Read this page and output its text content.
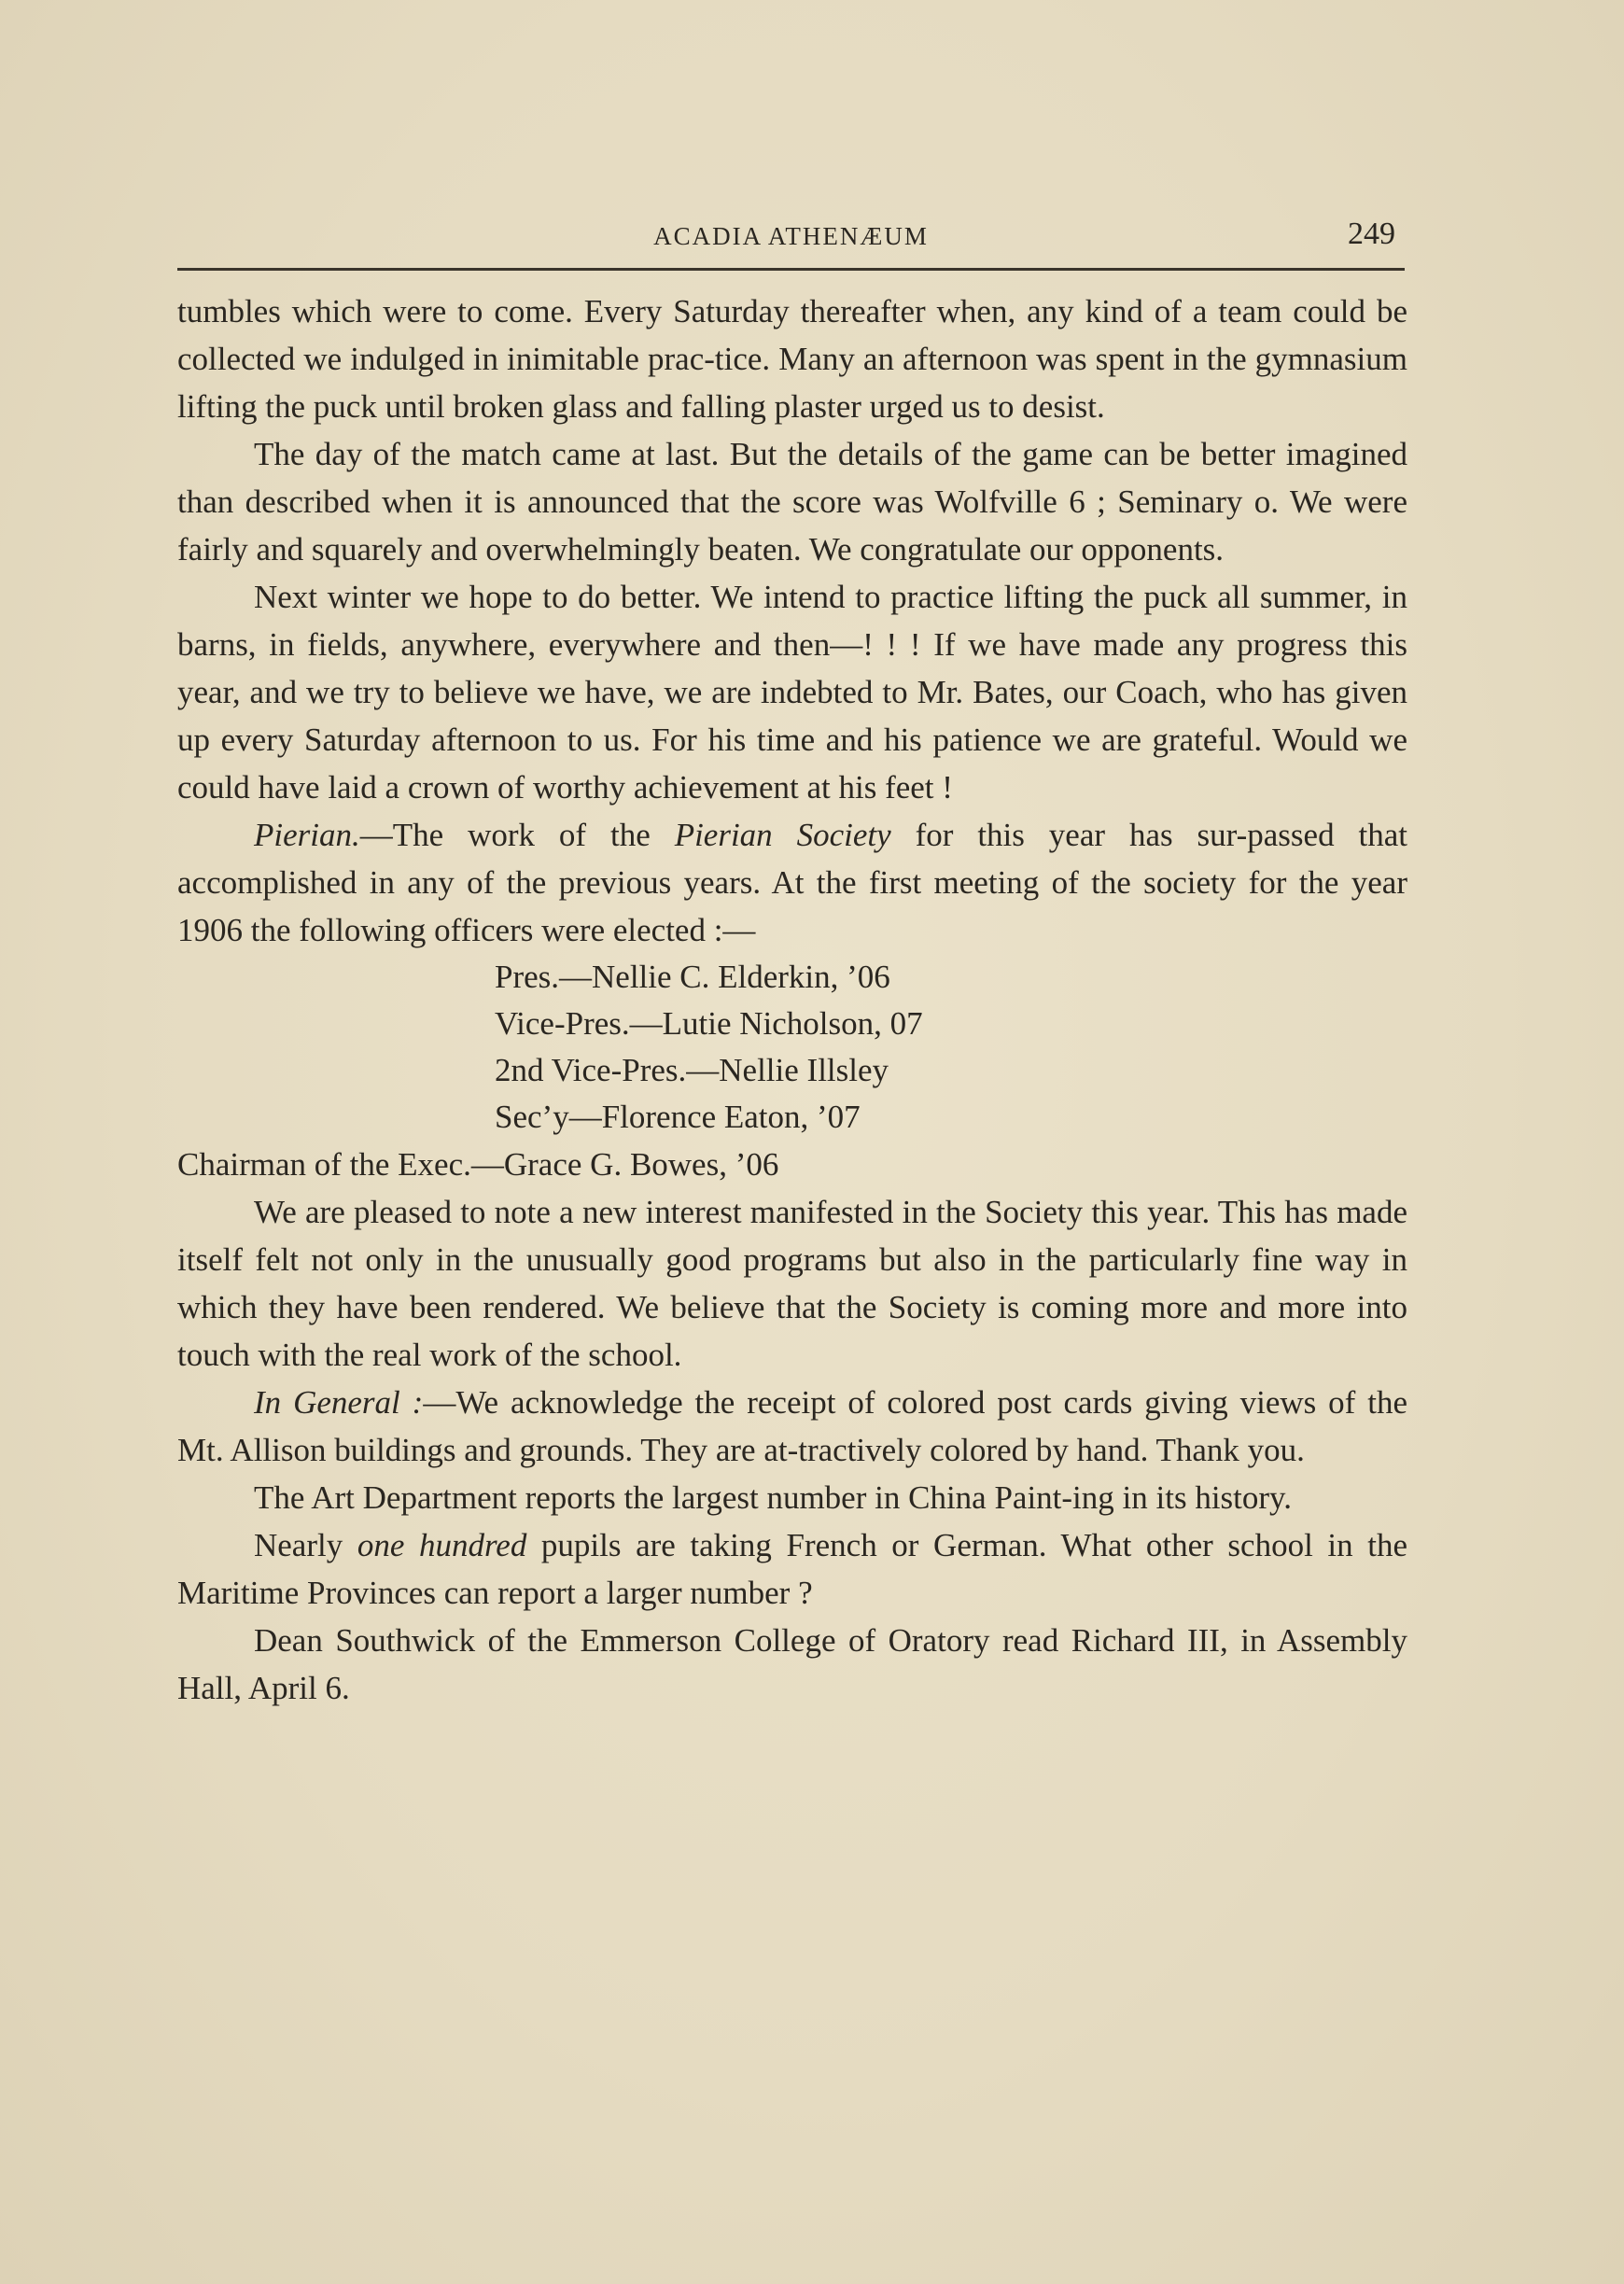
ACADIA ATHENÆUM	249

tumbles which were to come. Every Saturday thereafter when, any kind of a team could be collected we indulged in inimitable prac-tice. Many an afternoon was spent in the gymnasium lifting the puck until broken glass and falling plaster urged us to desist.

The day of the match came at last. But the details of the game can be better imagined than described when it is announced that the score was Wolfville 6 ; Seminary o. We were fairly and squarely and overwhelmingly beaten. We congratulate our opponents.

Next winter we hope to do better. We intend to practice lifting the puck all summer, in barns, in fields, anywhere, everywhere and then—! ! ! If we have made any progress this year, and we try to believe we have, we are indebted to Mr. Bates, our Coach, who has given up every Saturday afternoon to us. For his time and his patience we are grateful. Would we could have laid a crown of worthy achievement at his feet !

Pierian.—The work of the Pierian Society for this year has sur-passed that accomplished in any of the previous years. At the first meeting of the society for the year 1906 the following officers were elected :—

Pres.—Nellie C. Elderkin, ’06
Vice-Pres.—Lutie Nicholson, 07
2nd Vice-Pres.—Nellie Illsley
Sec’y—Florence Eaton, ’07

Chairman of the Exec.—Grace G. Bowes, ’06

We are pleased to note a new interest manifested in the Society this year. This has made itself felt not only in the unusually good programs but also in the particularly fine way in which they have been rendered. We believe that the Society is coming more and more into touch with the real work of the school.

In General :—We acknowledge the receipt of colored post cards giving views of the Mt. Allison buildings and grounds. They are at-tractively colored by hand. Thank you.

The Art Department reports the largest number in China Paint-ing in its history.

Nearly one hundred pupils are taking French or German. What other school in the Maritime Provinces can report a larger number ?

Dean Southwick of the Emmerson College of Oratory read Richard III, in Assembly Hall, April 6.
